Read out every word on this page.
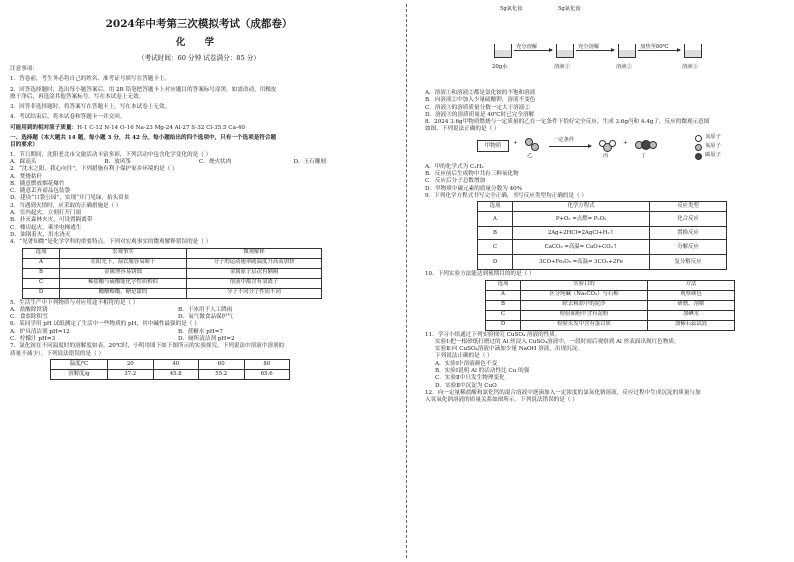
2024年中考第三次模拟考试（成都卷）
化 学
（考试时间：60 分钟 试卷满分：85 分）

注意事项：

1．答卷前，考生务必将自己的姓名、准考证号填写在答题卡上。

2．回答选择题时，选出每小题答案后，用 2B 铅笔把答题卡上对应题目的答案标号涂黑。如需改动，用橡皮

擦干净后，再选涂其他答案标号。写在本试卷上无效。

3．回答非选择题时，将答案写在答题卡上。写在本试卷上无效。

4．考试结束后，将本试卷和答题卡一并交回。

可能用到的相对原子质量：H-1 C-12 N-14 O-16 Na-23 Mg-24 Al-27 S-32 Cl-35.5 Ca-40

一、选择题（本大题共 14 题，每小题 3 分，共 42 分。每小题给出的四个选项中，只有一个选项是符合题

目的要求）

1．节日期间，沈阳老北市文旅活动丰富多彩，下列活动中包含化学变化的是（ ）

A．踩高头	B．放风筝	C．烧火状肉	D．玉石雕刻

2．“沈水之阳，我心向往”。下列措施有利于保护家乡环境的是（ ）

A．焚烧秸秆

B．随意燃放烟花爆竹

C．随意丢弃商品包装袋

D．建设“口袋公园”，实现“开门见绿，抬头赏景

3．当遇到火情时，应采取的正确措施是（ ）

A．室内起火，立刻打开门窗

B．扑灭森林火灾，可设置隔离带

C．楼房起火，乘坐电梯逃生

D．油锅着火，用水浇灭

4．“见著知微”是化学学科的重要特点。下列对宏观事实的微观解释错误的是（ ）

选项	宏观事实	微观解释
A	在阳光下，湿衣服容易晾干	分子的运动速率随温度升高而加快
B	金属锂容易锈蚀	金属原子层次有隔隔
C	稀盐酸与硫酸能化学性质相似	溶液中都含有氢离子
D	酸醋略酸，糖是甜的	分子不同分子性质不同

5．生活生产中下列物质与对应用途不相符的是（ ）

A．盐酸除铁锈	B．干冰用于人工降雨
C．食盐除积雪	D．氧气做食品保护气

6．某同学用 pH 试纸测定了生活中一些物质的 pH，其中碱性最强的是（ ）

A．炉具清洁剂 pH=12	B．蔗糖水 pH=7
C．柠檬汁 pH=3	D．厕所清洁剂 pH=2

7．氯化铵在不同温度时的溶解度如表。20℃时，小明用图下如下图所示的实验探究，下列说法中溶液中溶剂的

质量不减少）。下列说法错误的是（ ）

温度/℃	20	40	60	80
溶解度/g	37.2	45.8	55.2	65.6
5g氯化铵	5g氯化铵
充分溶解	充分溶解	加热至80℃
20g水	溶液①	溶液②	溶液③

A．溶液①和溶液②都是氯化铵的不饱和溶液

B．向溶液②中加入少量硫酸钾，溶液不变色

C．溶液③的溶质质量分数一定大于溶液②

D．溶液③的溶质质量是 40℃时已完全溶解

8．2024 3.6g甲物质燃烧与一定质量的乙在一定条件下恰好完全反应，生成 3.6g丙和 4.4g了，反应的微观示意图

如图。下列说法正确的是（ ）

甲物质	+
乙
一定条件
丙
+
丁
氢原子
氧原子
碳原子

A．甲的化学式为 C₂H₂

B．反应前后生成物中共有三种氧化物

C．反应后分子总数增加

D．甲物质中碳元素的质量分数为 40%

9．下列化学方程式书写完全正确，书写反应类型均正确的是（ ）

选项	化学方程式	反应类型
A	P+O₂ =点燃= P₂O₅	化合反应
B	2Ag+2HCl=2AgCl+H₂↑	置换反应
C	CaCO₃ =高温= CaO+CO₂↑	分解反应
D	3CO+Fe₂O₃ =高温= 3CO₂+2Fe	复分解反应

10．下列实验方法能达到预期目的的是（ ）

选项	实验目的	方法
A	区分纯碱（Na₂CO₃）与石棉	观察颜色
B	除去粗盐中的泥沙	研磨、溶解
C	检验面粉中含有淀粉	加碘水
D	检验头发中含有蛋白质	加稀石蕊试液

11．学习小组通过下列实验探究 CuSO₄ 溶液的性质。

实验Ⅰ:把一根砂纸打磨过的 Al 丝浸入 CuSO₄溶液中，一段时间后观察到 Al 丝表面出现红色物质。

实验Ⅱ:向 CuSO₄溶液中滴加少量 NaOH 溶液，出现沉淀。

下列说法正确的是（ ）

A．实验Ⅰ中溶液颜色不变

B．实验Ⅰ说明 Al 的活动性比 Cu 的强

C．实验Ⅱ中只发生物理变化

D．实验Ⅱ中沉淀为 CuO

12．向一定量稀盐酸和氯化钙的混合溶液中逐滴加入一定浓度的氯氧化钠溶液，反应过程中生成沉淀的质量与加

入氢氧化钠溶液的质量关系如图所示。下列说法错误的是（ ）
